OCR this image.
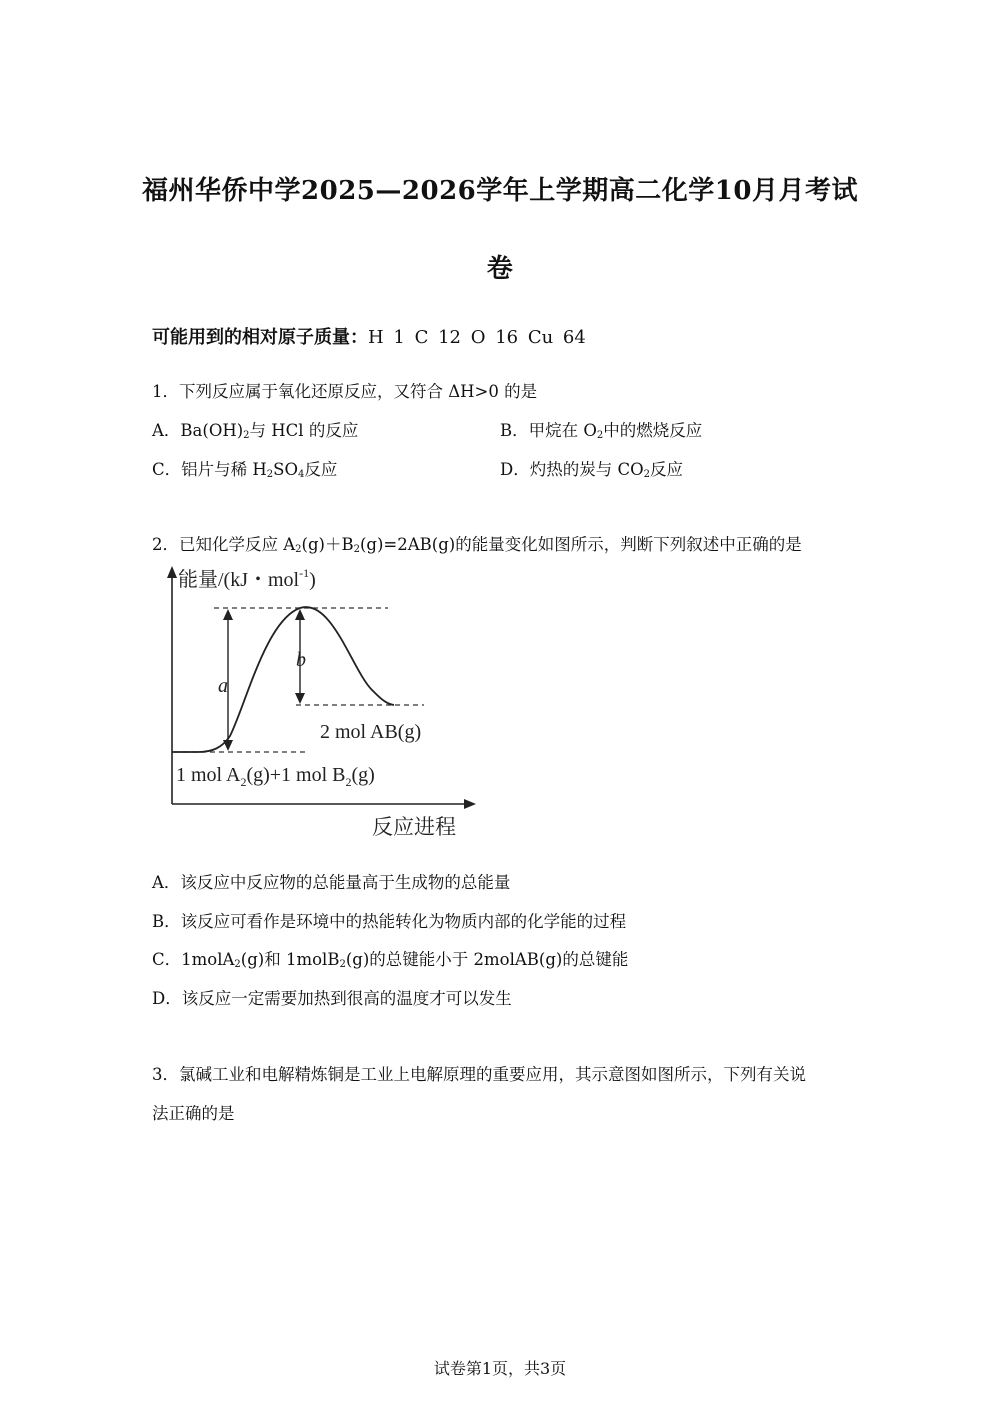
福州华侨中学2025—2026学年上学期高二化学10月月考试
卷
可能用到的相对原子质量：H 1 C 12 O 16 Cu 64
1．下列反应属于氧化还原反应，又符合 ΔH>0 的是
A．$Ba(OH)_2$与 HCl 的反应	B．甲烷在 $O_2$中的燃烧反应
C．铝片与稀 $H_2SO_4$反应	D．灼热的炭与 $CO_2$反应
2．已知化学反应 $A_2(g)+B_2(g)=2AB(g)$的能量变化如图所示，判断下列叙述中正确的是
能量/(kJ・mol$^{-1}$)
a
b
2 mol AB(g)
1 mol $A_2(g)+1$ mol $B_2(g)$
反应进程
A．该反应中反应物的总能量高于生成物的总能量
B．该反应可看作是环境中的热能转化为物质内部的化学能的过程
C．1molA$_2$(g)和 1molB$_2$(g)的总键能小于 2molAB(g)的总键能
D．该反应一定需要加热到很高的温度才可以发生
3．氯碱工业和电解精炼铜是工业上电解原理的重要应用，其示意图如图所示，下列有关说
法正确的是
试卷第1页，共3页
